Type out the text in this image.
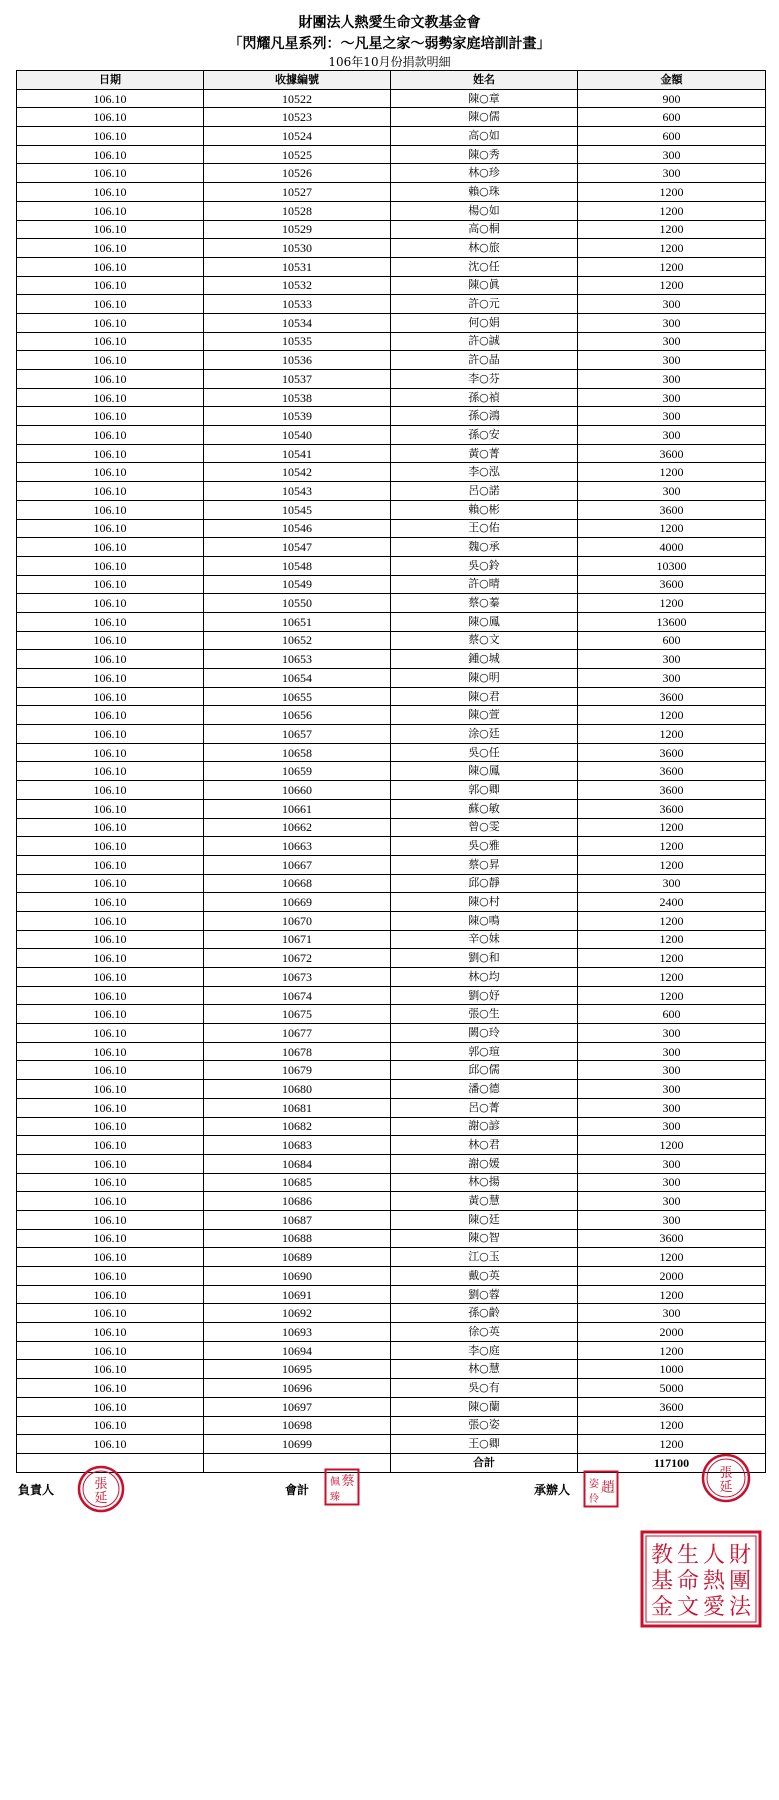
財團法人熱愛生命文教基金會
「閃耀凡星系列：～凡星之家～弱勢家庭培訓計畫」
106年10月份捐款明細
日期	收據編號	姓名	金額
106.10	10522	陳○章	900
106.10	10523	陳○儒	600
106.10	10524	高○如	600
106.10	10525	陳○秀	300
106.10	10526	林○珍	300
106.10	10527	賴○珠	1200
106.10	10528	楊○如	1200
106.10	10529	高○桐	1200
106.10	10530	林○旅	1200
106.10	10531	沈○任	1200
106.10	10532	陳○眞	1200
106.10	10533	許○元	300
106.10	10534	何○娟	300
106.10	10535	許○誠	300
106.10	10536	許○晶	300
106.10	10537	李○芬	300
106.10	10538	孫○禎	300
106.10	10539	孫○鴻	300
106.10	10540	孫○安	300
106.10	10541	黃○菁	3600
106.10	10542	李○泓	1200
106.10	10543	呂○諾	300
106.10	10545	賴○彬	3600
106.10	10546	王○佑	1200
106.10	10547	魏○承	4000
106.10	10548	吳○鈴	10300
106.10	10549	許○晴	3600
106.10	10550	蔡○蓁	1200
106.10	10651	陳○鳳	13600
106.10	10652	蔡○文	600
106.10	10653	鍾○城	300
106.10	10654	陳○明	300
106.10	10655	陳○君	3600
106.10	10656	陳○萱	1200
106.10	10657	涂○廷	1200
106.10	10658	吳○任	3600
106.10	10659	陳○鳳	3600
106.10	10660	郭○卿	3600
106.10	10661	蘇○敏	3600
106.10	10662	曾○雯	1200
106.10	10663	吳○雅	1200
106.10	10667	蔡○昇	1200
106.10	10668	邱○靜	300
106.10	10669	陳○村	2400
106.10	10670	陳○鳴	1200
106.10	10671	辛○妹	1200
106.10	10672	劉○和	1200
106.10	10673	林○均	1200
106.10	10674	劉○妤	1200
106.10	10675	張○生	600
106.10	10677	闕○玲	300
106.10	10678	郭○瑄	300
106.10	10679	邱○儒	300
106.10	10680	潘○德	300
106.10	10681	呂○菁	300
106.10	10682	謝○諺	300
106.10	10683	林○君	1200
106.10	10684	謝○媛	300
106.10	10685	林○揚	300
106.10	10686	黃○慧	300
106.10	10687	陳○廷	300
106.10	10688	陳○智	3600
106.10	10689	江○玉	1200
106.10	10690	戴○英	2000
106.10	10691	劉○蓉	1200
106.10	10692	孫○齡	300
106.10	10693	徐○英	2000
106.10	10694	李○庭	1200
106.10	10695	林○慧	1000
106.10	10696	吳○有	5000
106.10	10697	陳○蘭	3600
106.10	10698	張○姿	1200
106.10	10699	王○卿	1200
		合計	117100
負責人	會計	承辦人
張
延
蔡
佩
臻
趙
姿
伶
張
延
財
團
法
人
熱
愛
生
命
文
教
基
金
